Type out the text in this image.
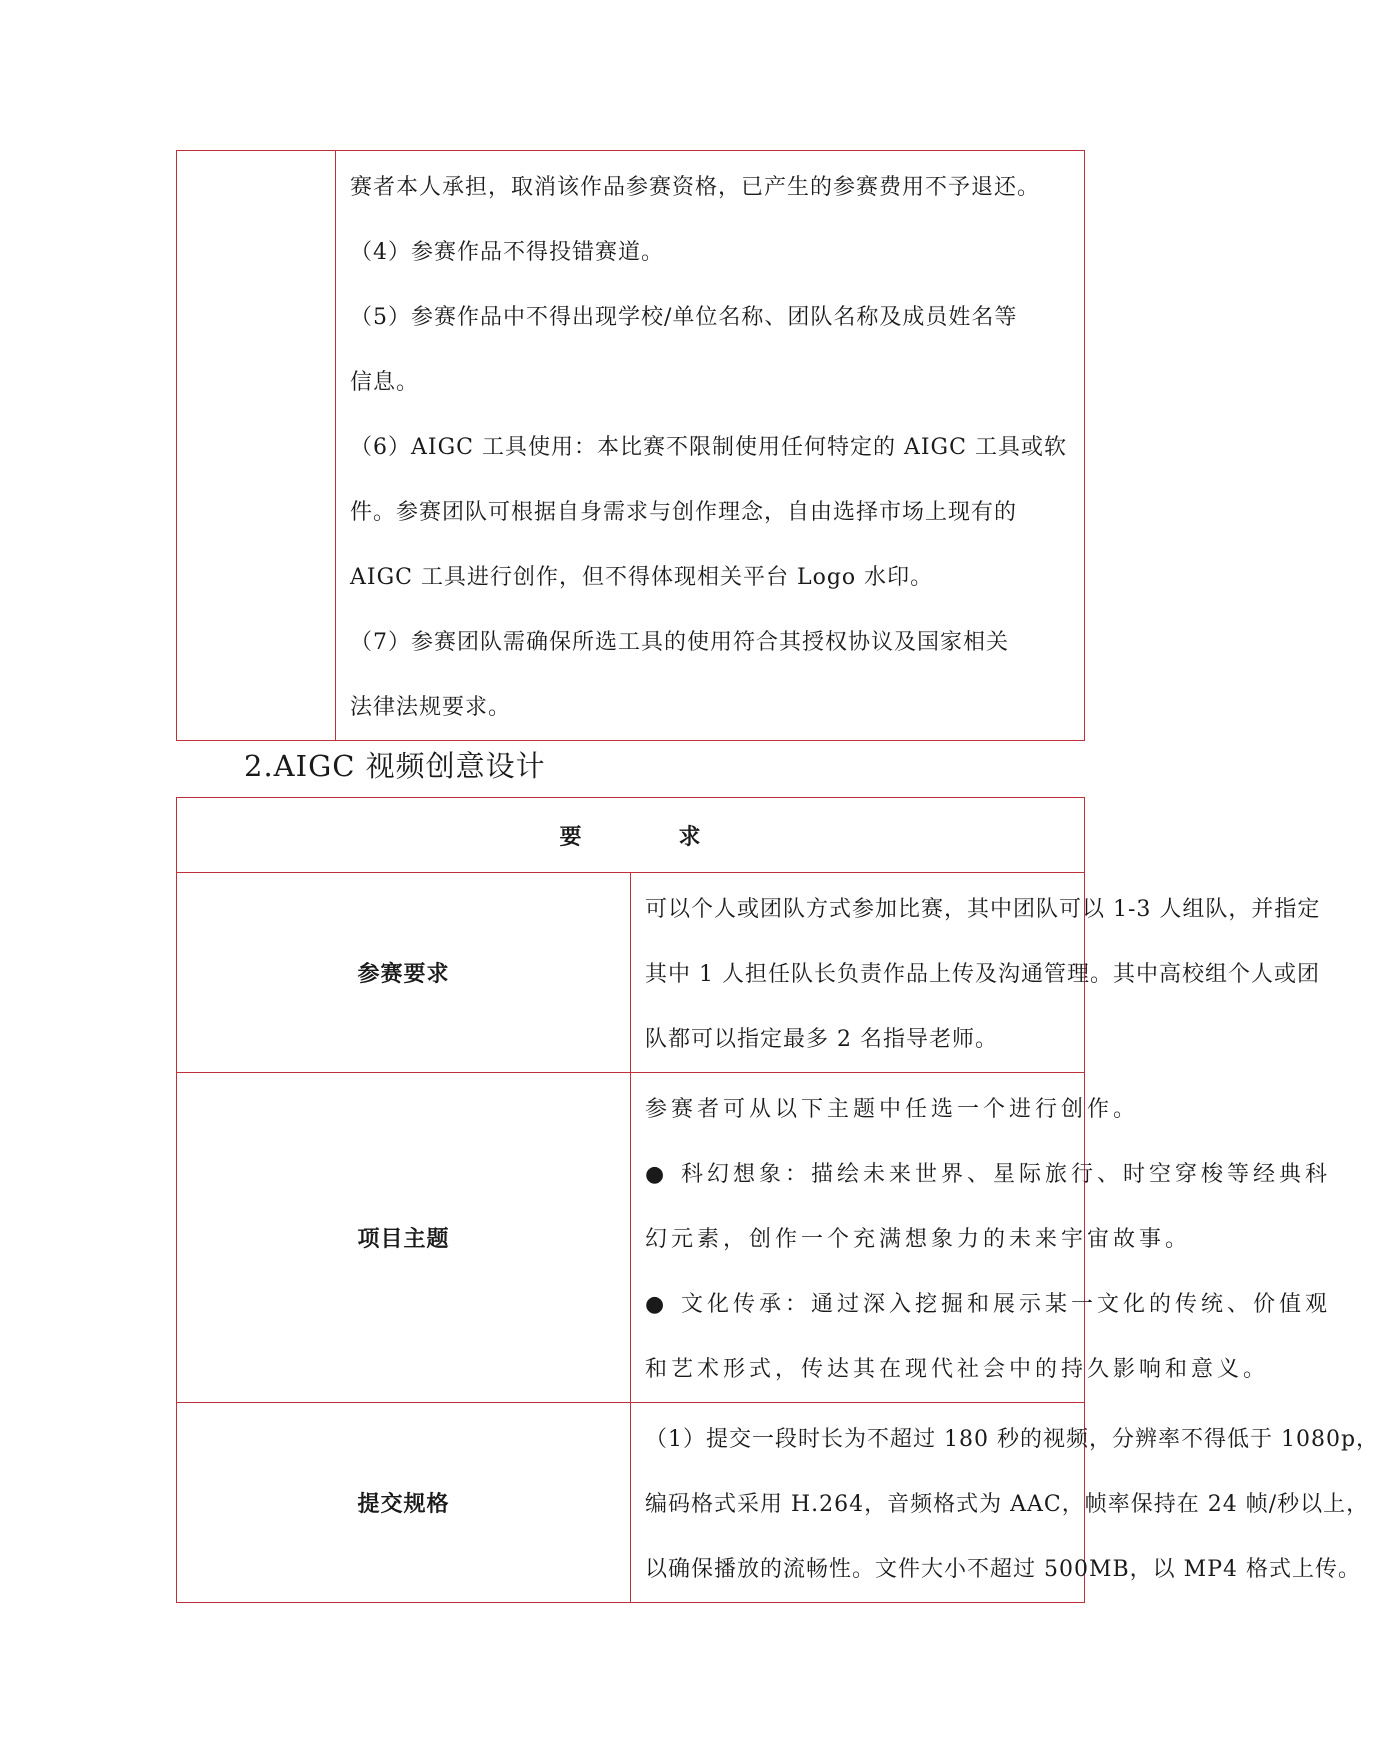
赛者本人承担，取消该作品参赛资格，已产生的参赛费用不予退还。
（4）参赛作品不得投错赛道。
（5）参赛作品中不得出现学校/单位名称、团队名称及成员姓名等
信息。
（6）AIGC 工具使用：本比赛不限制使用任何特定的 AIGC 工具或软
件。参赛团队可根据自身需求与创作理念，自由选择市场上现有的
AIGC 工具进行创作，但不得体现相关平台 Logo 水印。
（7）参赛团队需确保所选工具的使用符合其授权协议及国家相关
法律法规要求。
2.AIGC 视频创意设计
要 求	
参赛要求	可以个人或团队方式参加比赛，其中团队可以 1-3 人组队，并指定
其中 1 人担任队长负责作品上传及沟通管理。其中高校组个人或团
队都可以指定最多 2 名指导老师。

项目主题	参赛者可从以下主题中任选一个进行创作。
● 科幻想象：描绘未来世界、星际旅行、时空穿梭等经典科
幻元素，创作一个充满想象力的未来宇宙故事。
● 文化传承：通过深入挖掘和展示某一文化的传统、价值观
和艺术形式，传达其在现代社会中的持久影响和意义。

提交规格	（1）提交一段时长为不超过 180 秒的视频，分辨率不得低于 1080p，
编码格式采用 H.264，音频格式为 AAC，帧率保持在 24 帧/秒以上，
以确保播放的流畅性。文件大小不超过 500MB，以 MP4 格式上传。
